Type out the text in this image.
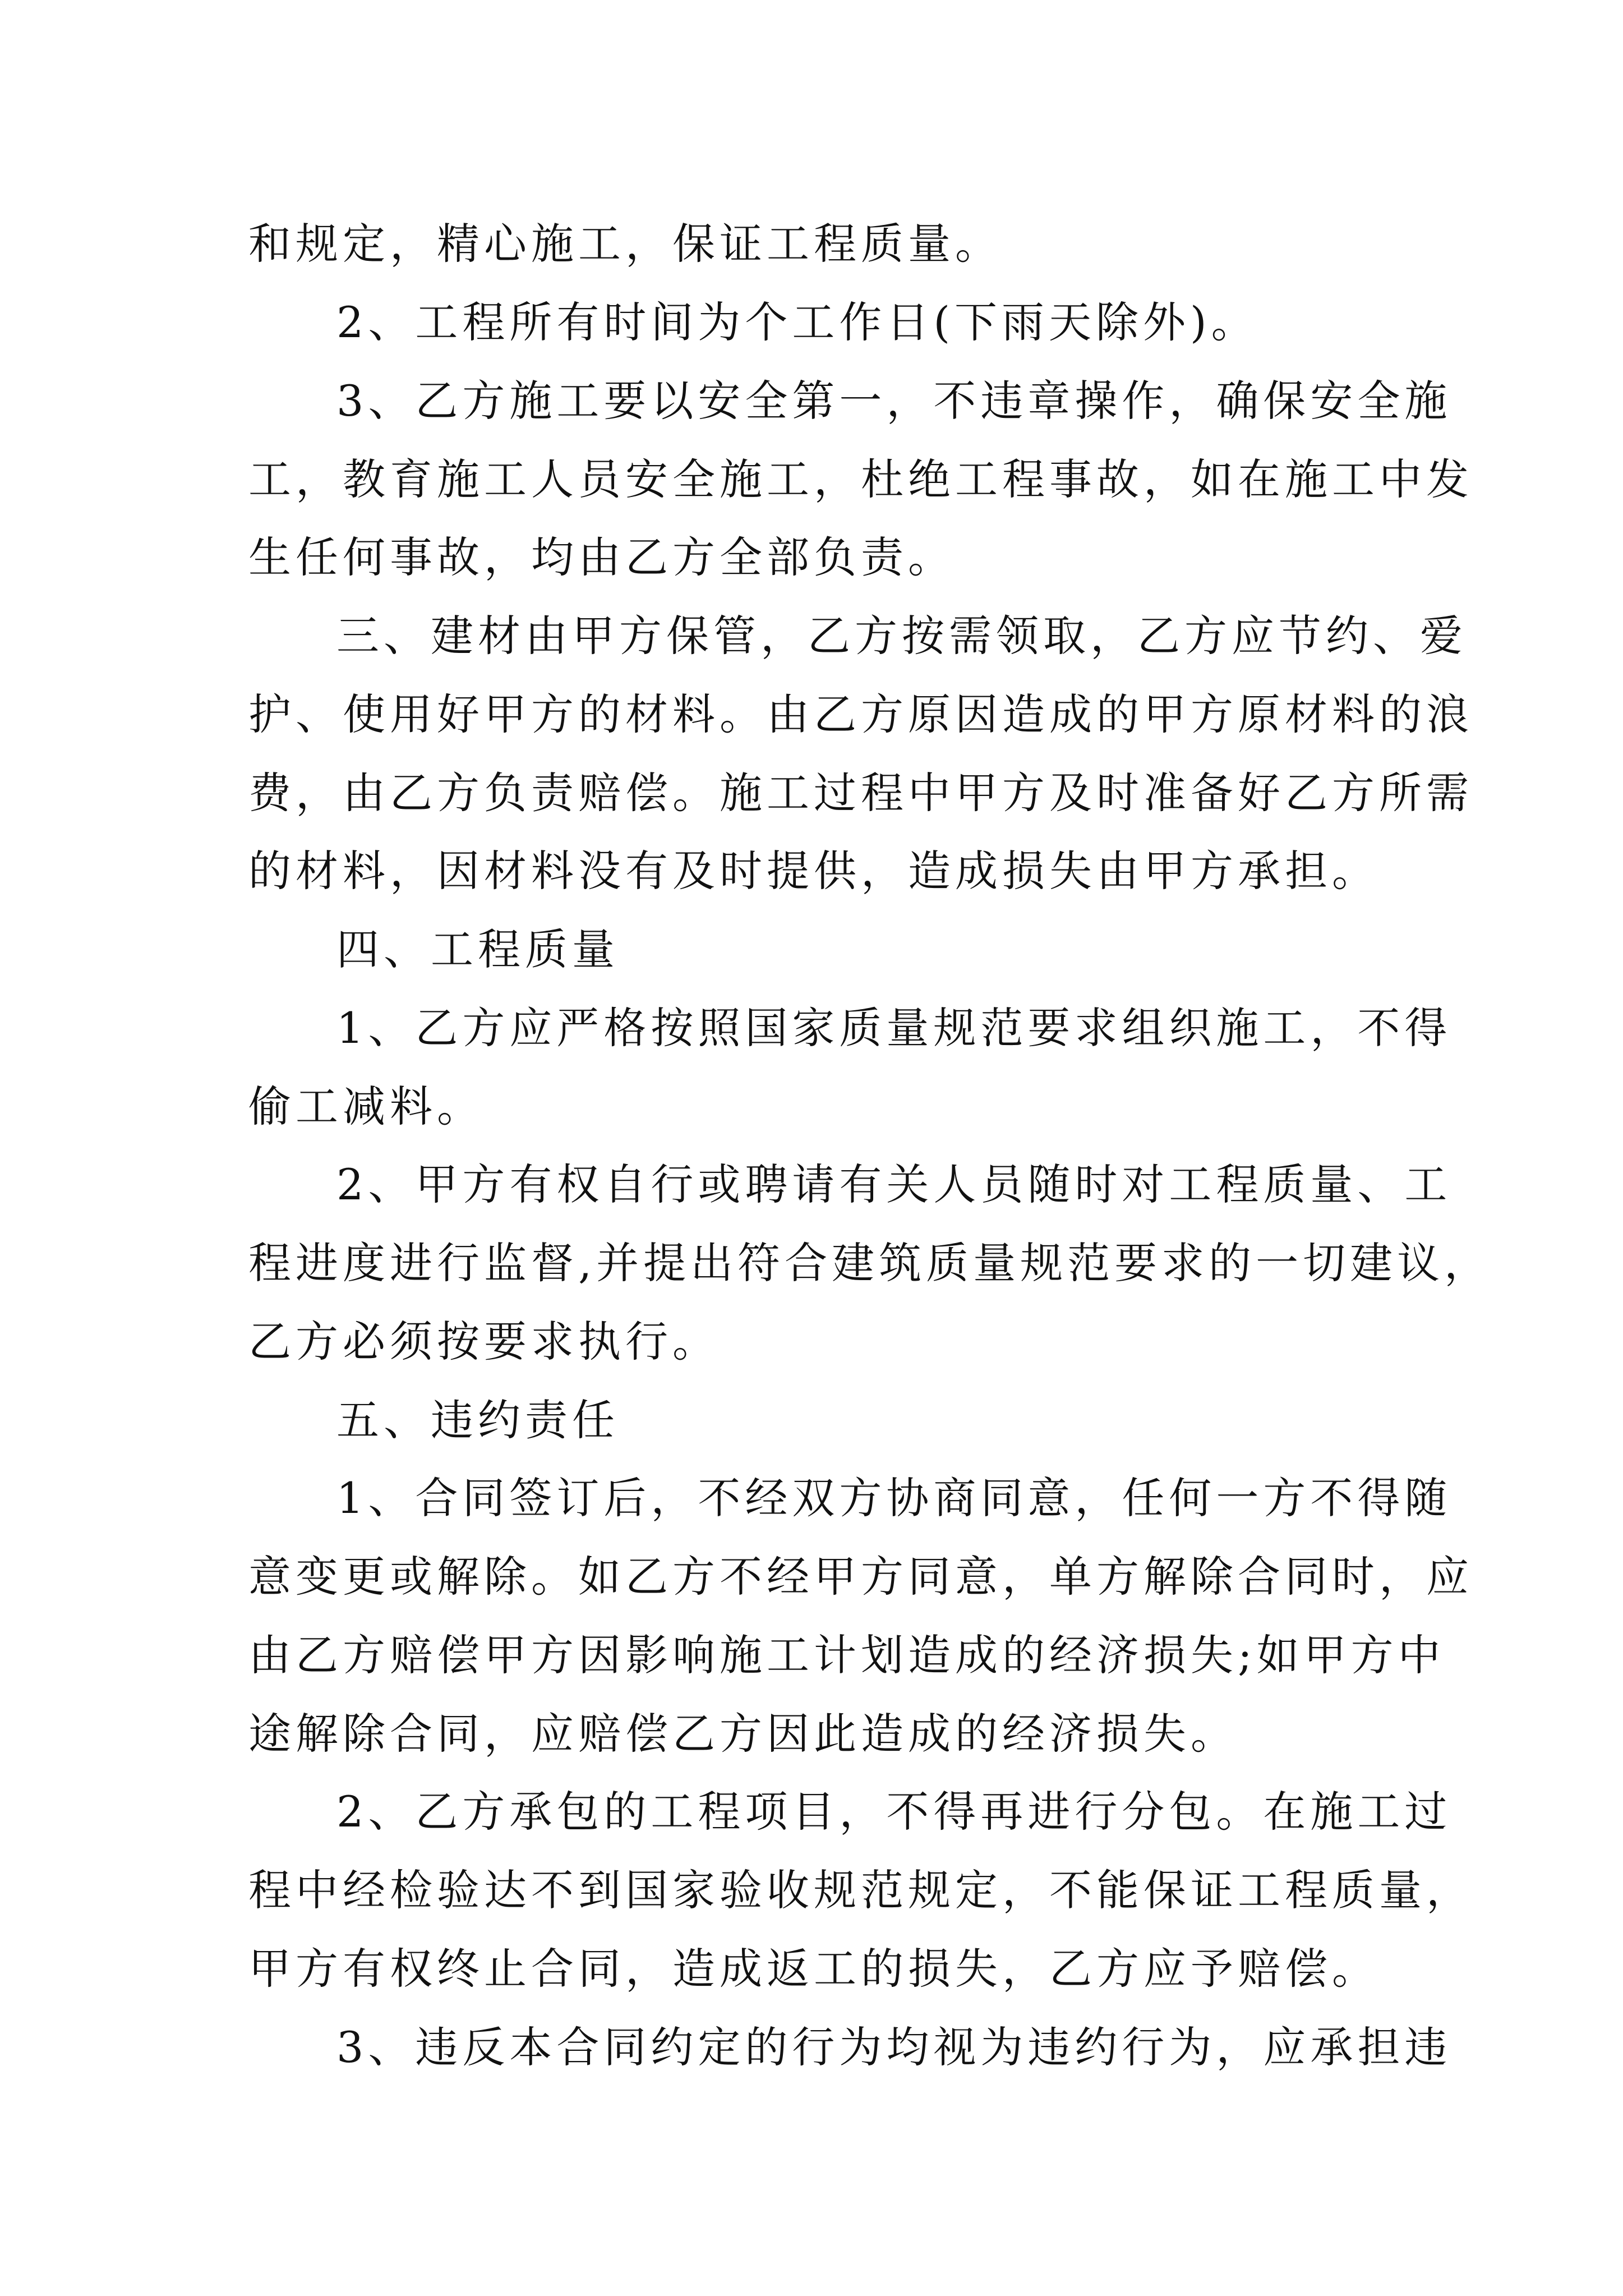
和规定，精心施工，保证工程质量。
2、工程所有时间为个工作日(下雨天除外)。
3、乙方施工要以安全第一，不违章操作，确保安全施
工，教育施工人员安全施工，杜绝工程事故，如在施工中发
生任何事故，均由乙方全部负责。
三、建材由甲方保管，乙方按需领取，乙方应节约、爱
护、使用好甲方的材料。由乙方原因造成的甲方原材料的浪
费，由乙方负责赔偿。施工过程中甲方及时准备好乙方所需
的材料，因材料没有及时提供，造成损失由甲方承担。
四、工程质量
1、乙方应严格按照国家质量规范要求组织施工，不得
偷工减料。
2、甲方有权自行或聘请有关人员随时对工程质量、工
程进度进行监督,并提出符合建筑质量规范要求的一切建议，
乙方必须按要求执行。
五、违约责任
1、合同签订后，不经双方协商同意，任何一方不得随
意变更或解除。如乙方不经甲方同意，单方解除合同时，应
由乙方赔偿甲方因影响施工计划造成的经济损失;如甲方中
途解除合同，应赔偿乙方因此造成的经济损失。
2、乙方承包的工程项目，不得再进行分包。在施工过
程中经检验达不到国家验收规范规定，不能保证工程质量，
甲方有权终止合同，造成返工的损失，乙方应予赔偿。
3、违反本合同约定的行为均视为违约行为，应承担违
